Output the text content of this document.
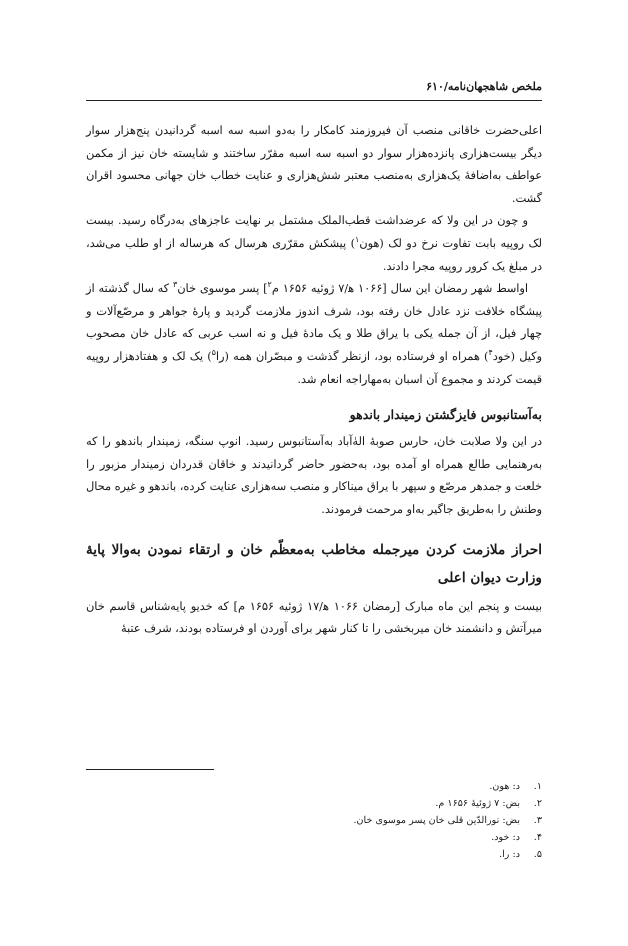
ملخص شاهجهان‌نامه/۶۱۰

اعلی‌حضرت خاقانی منصب آن فیروزمند کامکار را به‌دو اسبه سه اسبه گردانیدن پنج‌هزار سوار دیگر بیست‌هزاری پانزده‌هزار سوار دو اسبه سه اسبه مقرّر ساختند و شایسته خان نیز از مکمن عواطف به‌اضافهٔ یک‌هزاری به‌منصب معتبر شش‌هزاری و عنایت خطاب خان جهانی محسود اقران گشت.

و چون در این ولا که عرضداشت قطب‌الملک مشتمل بر نهایت عاجزهای به‌درگاه رسید. بیست لک روپیه بابت تفاوت نرخ دو لک (هون$^۱$) پیشکش مقرّری هرسال که هرساله از او طلب می‌شد، در مبلغ یک کرور روپیه مجرا دادند.

اواسط شهر رمضان این سال [۱۰۶۶ ه‍/۷ ژوئیه ۱۶۵۶ م$^۲$] پسر موسوی خان$^۳$ که سال گذشته از پیشگاه خلافت نزد عادل خان رفته بود، شرف اندوز ملازمت گردید و پارهٔ جواهر و مرصّع‌آلات و چهار فیل، از آن جمله یکی با یراق طلا و یک مادهٔ فیل و نه اسب عربی که عادل خان مصحوب وکیل (خود$^۴$) همراه او فرستاده بود، ازنظر گذشت و مبصّران همه (را$^۵$) یک لک و هفتادهزار روپیه قیمت کردند و مجموع آن اسبان به‌مهاراجه انعام شد.

به‌آستانبوس فایزگشتن زمیندار باندهو

در این ولا صلابت خان، حارس صوبهٔ الهٰ‌آباد به‌آستانبوس رسید. انوپ سنگه، زمیندار باندهو را که به‌رهنمایی طالع همراه او آمده بود، به‌حضور حاضر گردانیدند و خاقان قدردان زمیندار مزبور را خلعت و جمدهر مرصّع و سپهر با یراق میناکار و منصب سه‌هزاری عنایت کرده، باندهو و غیره محال وطنش را به‌طریق جاگیر به‌او مرحمت فرمودند.

احراز ملازمت کردن میرجمله مخاطب به‌معظّم خان و ارتقاء نمودن به‌والا پایهٔ وزارت دیوان اعلی

بیست و پنجم این ماه مبارک [رمضان ۱۰۶۶ ه‍/۱۷ ژوئیه ۱۶۵۶ م] که خدیو پایه‌شناس قاسم خان میرآتش و دانشمند خان میربخشی را تا کنار شهر برای آوردن او فرستاده بودند، شرف عتبهٔ

۱.
د: هون.
۲.
بض: ۷ ژوئیهٔ ۱۶۵۶ م.
۳.
بض: نورالدّین قلی خان پسر موسوی خان.
۴.
د: خود.
۵.
د: را.
